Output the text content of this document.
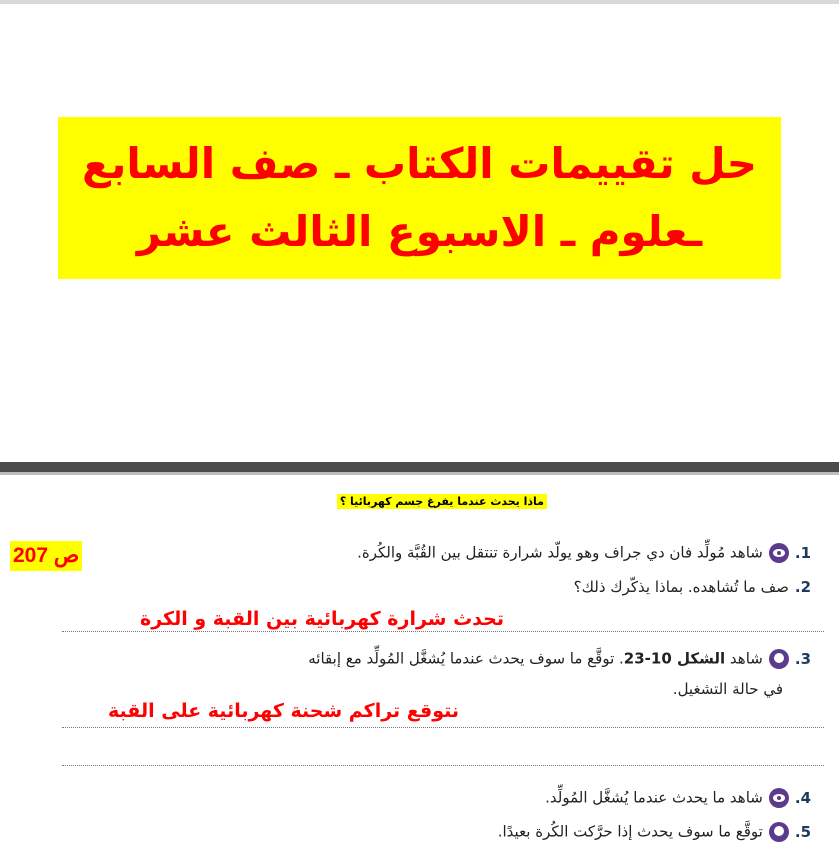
حل تقييمات الكتاب ـ صف السابع
ـعلوم ـ الاسبوع الثالث عشر
ماذا يحدث عندما يفرغ جسم كهربائيا ؟
ص 207	1.شاهد مُولِّد فان دي جراف وهو يولّد شرارة تنتقل بين القُبَّة والكُرة.
2.صف ما تُشاهده. بماذا يذكّرك ذلك؟
تحدث شرارة كهربائية بين القبة و الكرة
3.شاهد الشكل 10-23. توقَّع ما سوف يحدث عندما يُشغَّل المُولِّد مع إبقائه
في حالة التشغيل.
نتوقع تراكم شحنة كهربائية على القبة
4.شاهد ما يحدث عندما يُشغَّل المُولِّد.
5.توقَّع ما سوف يحدث إذا حرَّكت الكُرة بعيدًا.
